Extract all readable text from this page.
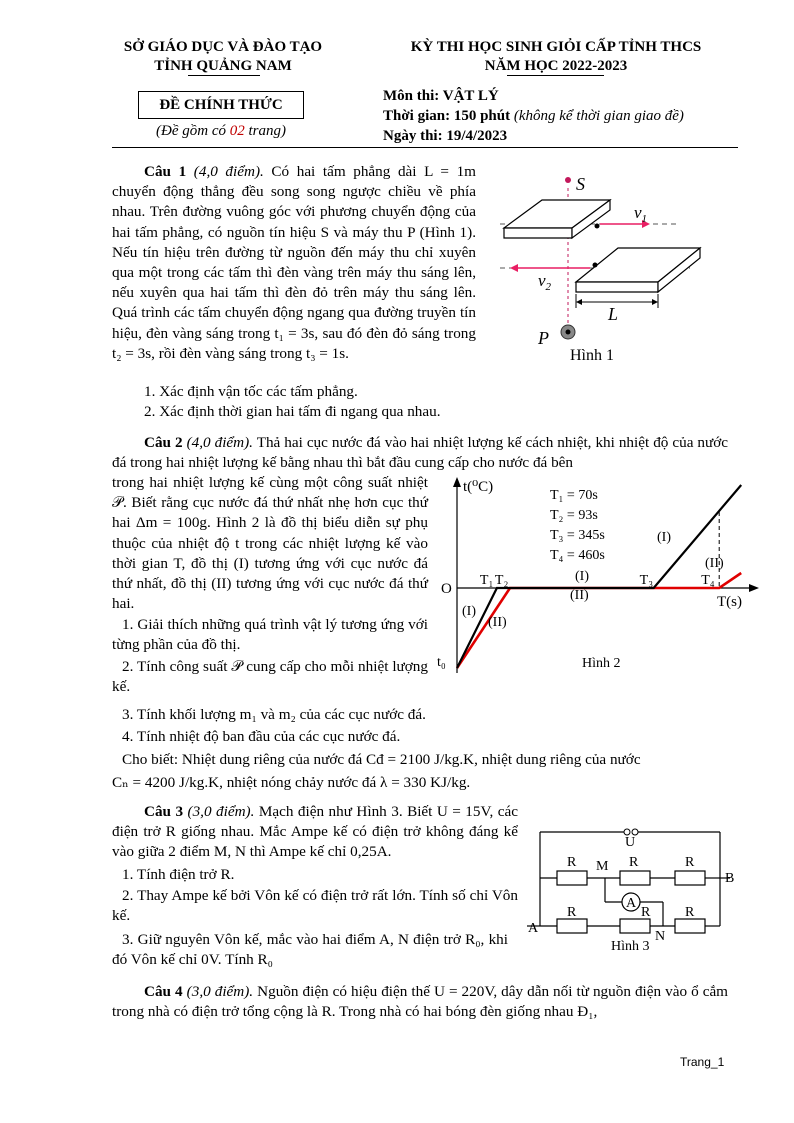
SỞ GIÁO DỤC VÀ ĐÀO TẠO
TỈNH QUẢNG NAM
KỲ THI HỌC SINH GIỎI CẤP TỈNH THCS
NĂM HỌC 2022-2023
ĐỀ CHÍNH THỨC
(Đề gồm có 02 trang)
Môn thi: VẬT LÝ
Thời gian: 150 phút (không kể thời gian giao đề)
Ngày thi: 19/4/2023
Câu 1 (4,0 điểm). Có hai tấm phẳng dài L = 1m chuyển động thẳng đều song song ngược chiều về phía nhau. Trên đường vuông góc với phương chuyển động của hai tấm phẳng, có nguồn tín hiệu S và máy thu P (Hình 1). Nếu tín hiệu trên đường từ nguồn đến máy thu chỉ xuyên qua một trong các tấm thì đèn vàng trên máy thu sáng lên, nếu xuyên qua hai tấm thì đèn đỏ trên máy thu sáng lên. Quá trình các tấm chuyển động ngang qua đường truyền tín hiệu, đèn vàng sáng trong t₁ = 3s, sau đó đèn đỏ sáng trong t₂ = 3s, rồi đèn vàng sáng trong t₃ = 1s.
1. Xác định vận tốc các tấm phẳng.
2. Xác định thời gian hai tấm đi ngang qua nhau.
S
$v_1$
$v_2$
L
P
Hình 1
Câu 2 (4,0 điểm). Thả hai cục nước đá vào hai nhiệt lượng kế cách nhiệt, khi nhiệt độ của nước đá trong hai nhiệt lượng kế bằng nhau thì bắt đầu cung cấp cho nước đá bên
trong hai nhiệt lượng kế cùng một công suất nhiệt 𝒫. Biết rằng cục nước đá thứ nhất nhẹ hơn cục thứ hai Δm = 100g. Hình 2 là đồ thị biểu diễn sự phụ thuộc của nhiệt độ t trong các nhiệt lượng kế vào thời gian T, đồ thị (I) tương ứng với cục nước đá thứ nhất, đồ thị (II) tương ứng với cục nước đá thứ hai.
1. Giải thích những quá trình vật lý tương ứng với từng phần của đồ thị.
2. Tính công suất 𝒫 cung cấp cho mỗi nhiệt lượng kế.
3. Tính khối lượng m₁ và m₂ của các cục nước đá.
4. Tính nhiệt độ ban đầu của các cục nước đá.
Cho biết: Nhiệt dung riêng của nước đá Cđ = 2100 J/kg.K, nhiệt dung riêng của nước
Cₙ = 4200 J/kg.K, nhiệt nóng chảy nước đá λ = 330 KJ/kg.
t(⁰C)
T(s)
O
t₀
T₁ T₂	T₃	T₄
T₁ = 70s
T₂ = 93s
T₃ = 345s
T₄ = 460s
(I)
(II)
(I)
(II)
(I)
(II)
Hình 2
Câu 3 (3,0 điểm). Mạch điện như Hình 3. Biết U = 15V, các điện trở R giống nhau. Mắc Ampe kế có điện trở không đáng kể vào giữa 2 điểm M, N thì Ampe kế chỉ 0,25A.
1. Tính điện trở R.
2. Thay Ampe kế bởi Vôn kế có điện trở rất lớn. Tính số chỉ Vôn kế.
3. Giữ nguyên Vôn kế, mắc vào hai điểm A, N điện trở R₀, khi đó Vôn kế chỉ 0V. Tính R₀
U
R	R	R
R	R R
A
M
N
A
B
Hình 3
Câu 4 (3,0 điểm). Nguồn điện có hiệu điện thế U = 220V, dây dẫn nối từ nguồn điện vào ổ cắm trong nhà có điện trở tổng cộng là R. Trong nhà có hai bóng đèn giống nhau Đ₁,
Trang_1
